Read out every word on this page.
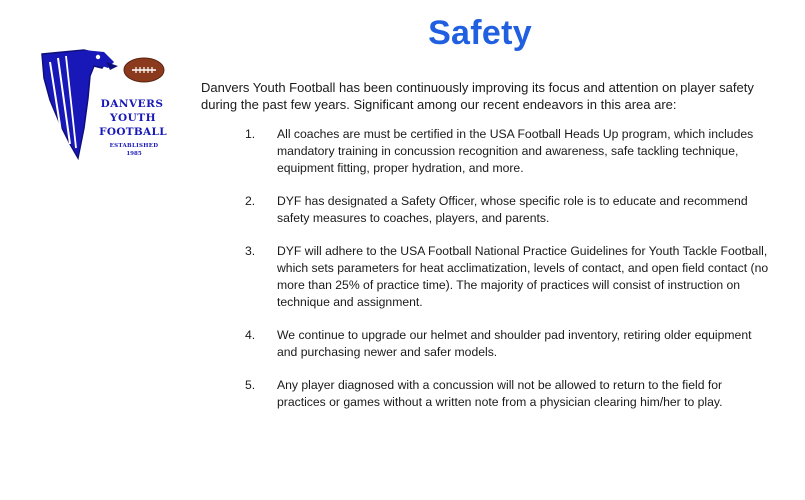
Safety
DANVERS
YOUTH
FOOTBALL
ESTABLISHED
1985

Danvers Youth Football has been continuously improving its focus and attention on player safety during the past few years. Significant among our recent endeavors in this area are:

1. All coaches are must be certified in the USA Football Heads Up program, which includes mandatory training in concussion recognition and awareness, safe tackling technique, equipment fitting, proper hydration, and more.
2. DYF has designated a Safety Officer, whose specific role is to educate and recommend safety measures to coaches, players, and parents.
3. DYF will adhere to the USA Football National Practice Guidelines for Youth Tackle Football, which sets parameters for heat acclimatization, levels of contact, and open field contact (no more than 25% of practice time). The majority of practices will consist of instruction on technique and assignment.
4. We continue to upgrade our helmet and shoulder pad inventory, retiring older equipment and purchasing newer and safer models.
5. Any player diagnosed with a concussion will not be allowed to return to the field for practices or games without a written note from a physician clearing him/her to play.
